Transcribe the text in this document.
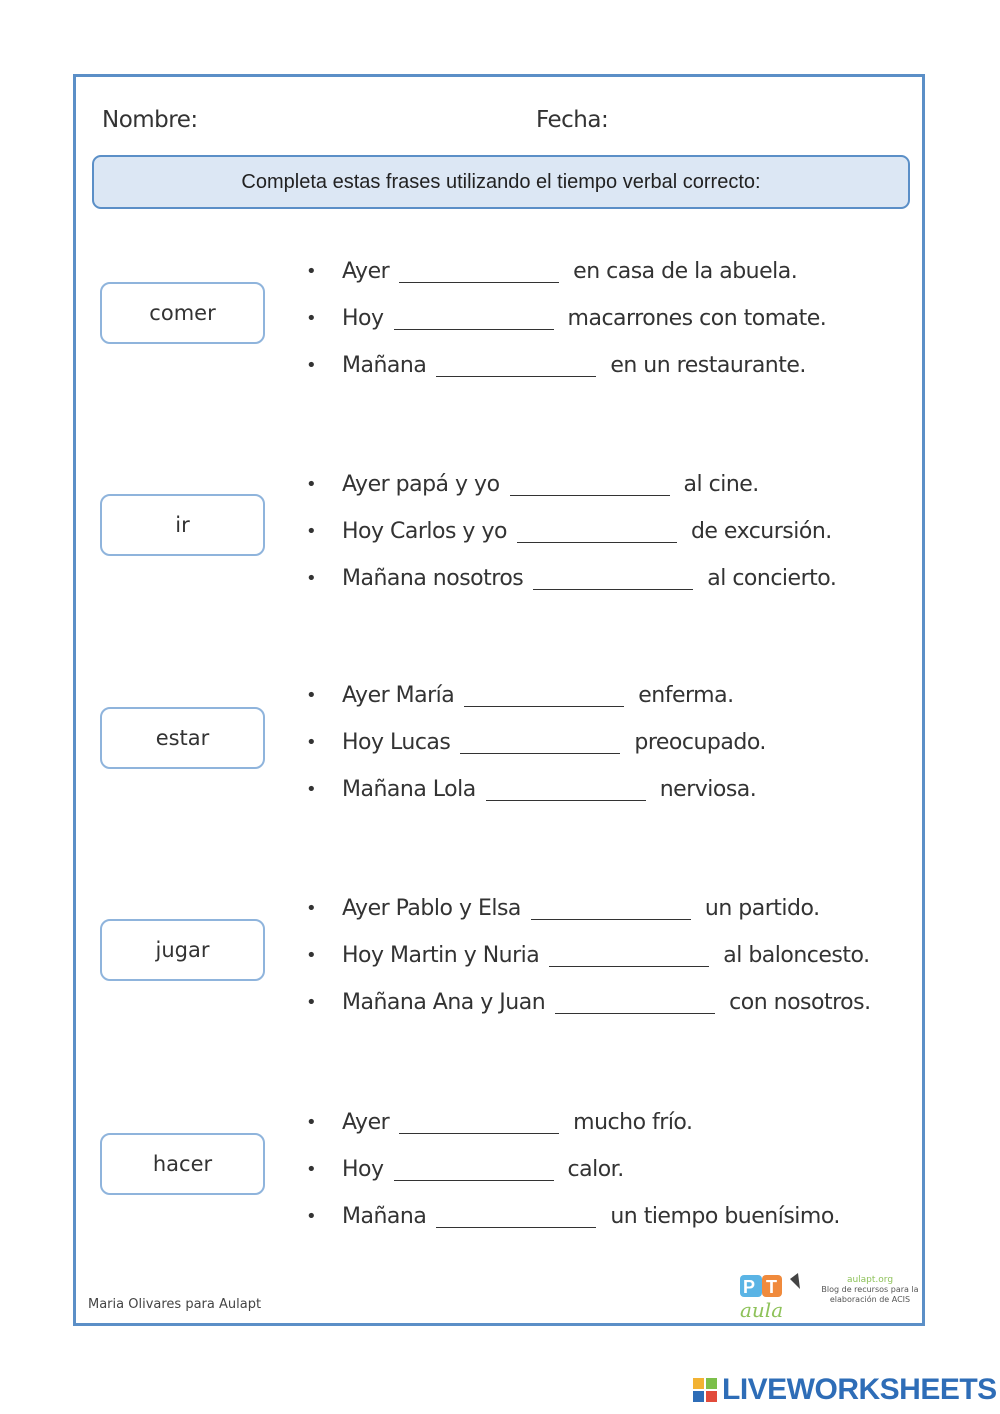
Nombre:	Fecha:
Completa estas frases utilizando el tiempo verbal correcto:
comer
•	Ayer	en casa de la abuela.
•	Hoy	macarrones con tomate.
•	Mañana	en un restaurante.
ir
•	Ayer papá y yo	al cine.
•	Hoy Carlos y yo	de excursión.
•	Mañana nosotros	al concierto.
estar
•	Ayer María	enferma.
•	Hoy Lucas	preocupado.
•	Mañana Lola	nerviosa.
jugar
•	Ayer Pablo y Elsa	un partido.
•	Hoy Martin y Nuria	al baloncesto.
•	Mañana Ana y Juan	con nosotros.
hacer
•	Ayer	mucho frío.
•	Hoy	calor.
•	Mañana	un tiempo buenísimo.
Maria Olivares para Aulapt
P T
aula
aulapt.org
Blog de recursos para la elaboración de ACIS
LIVEWORKSHEETS
